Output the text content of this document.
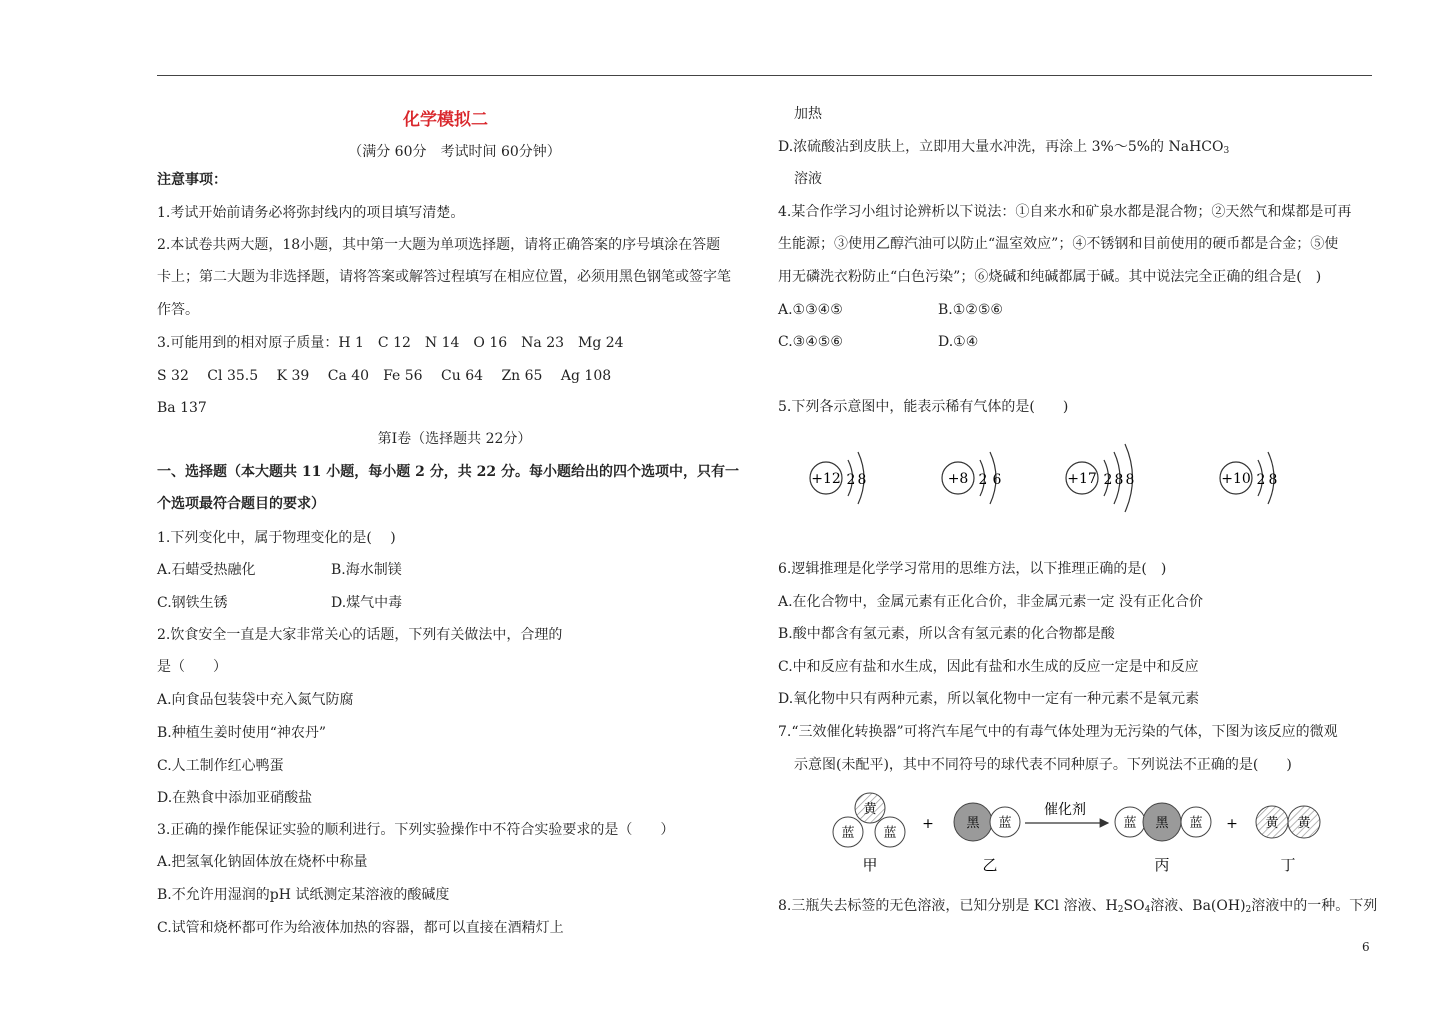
化学模拟二
（满分 60分　考试时间 60分钟）
注意事项：
1.考试开始前请务必将弥封线内的项目填写清楚。
2.本试卷共两大题，18小题，其中第一大题为单项选择题，请将正确答案的序号填涂在答题
卡上；第二大题为非选择题，请将答案或解答过程填写在相应位置，必须用黑色钢笔或签字笔
作答。
3.可能用到的相对原子质量：H 1　C 12　N 14　O 16　Na 23　Mg 24
S 32　 Cl 35.5　 K 39　 Ca 40　Fe 56　 Cu 64　 Zn 65　 Ag 108
Ba 137
第Ⅰ卷（选择题共 22分）
一、选择题（本大题共 11 小题，每小题 2 分，共 22 分。每小题给出的四个选项中，只有一
个选项最符合题目的要求）
1.下列变化中，属于物理变化的是(　 )
A.石蜡受热融化	B.海水制镁
C.钢铁生锈	D.煤气中毒
2.饮食安全一直是大家非常关心的话题，下列有关做法中，合理的
是（　　）
A.向食品包装袋中充入氮气防腐
B.种植生姜时使用“神农丹”
C.人工制作红心鸭蛋
D.在熟食中添加亚硝酸盐
3.正确的操作能保证实验的顺利进行。下列实验操作中不符合实验要求的是（　　）
A.把氢氧化钠固体放在烧杯中称量
B.不允许用湿润的pH 试纸测定某溶液的酸碱度
C.试管和烧杯都可作为给液体加热的容器，都可以直接在酒精灯上
加热
D.浓硫酸沾到皮肤上，立即用大量水冲洗，再涂上 3%～5%的 NaHCO$_3$
溶液
4.某合作学习小组讨论辨析以下说法：①自来水和矿泉水都是混合物；②天然气和煤都是可再
生能源；③使用乙醇汽油可以防止“温室效应”；④不锈钢和目前使用的硬币都是合金；⑤使
用无磷洗衣粉防止“白色污染”；⑥烧碱和纯碱都属于碱。其中说法完全正确的组合是(　)
A.①③④⑤	B.①②⑤⑥
C.③④⑤⑥	D.①④
5.下列各示意图中，能表示稀有气体的是(　　)
6.逻辑推理是化学学习常用的思维方法，以下推理正确的是(　)
A.在化合物中，金属元素有正化合价，非金属元素一定 没有正化合价
B.酸中都含有氢元素，所以含有氢元素的化合物都是酸
C.中和反应有盐和水生成，因此有盐和水生成的反应一定是中和反应
D.氧化物中只有两种元素，所以氧化物中一定有一种元素不是氧元素
7.“三效催化转换器”可将汽车尾气中的有毒气体处理为无污染的气体，下图为该反应的微观
示意图(未配平)，其中不同符号的球代表不同种原子。下列说法不正确的是(　　)
8.三瓶失去标签的无色溶液，已知分别是 KCl 溶液、$H_2SO_4$溶液、$Ba(OH)_2$溶液中的一种。下列
+12 2 8	+8 2 6	+17 2 8 8	+10 2 8
黄
蓝 蓝
甲
+	黑 蓝
乙
催化剂
蓝 黑 蓝
丙
+ 黄 黄
丁
6
